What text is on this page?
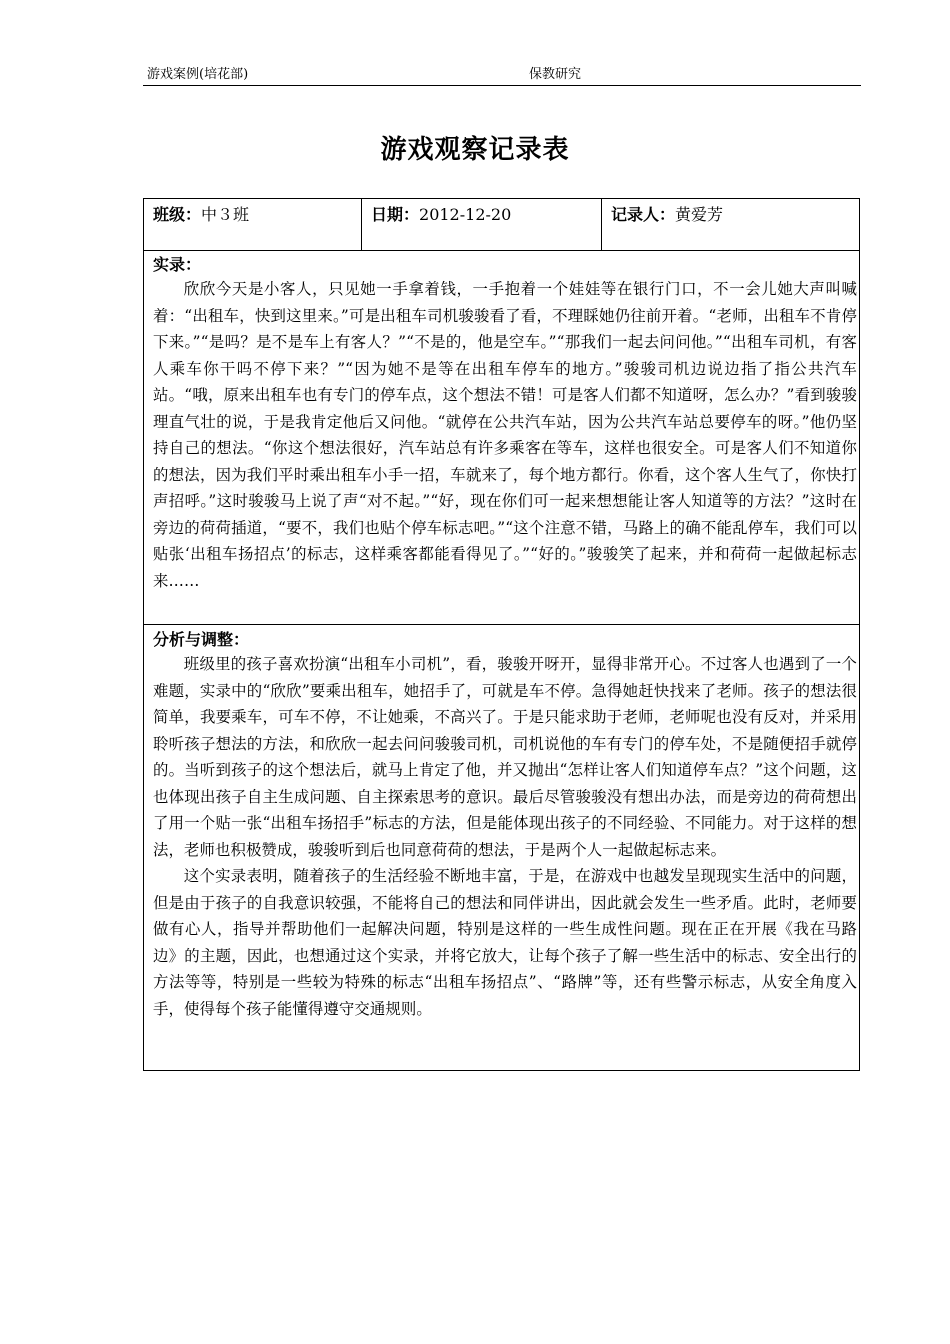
游戏案例(培花部)	保教研究
游戏观察记录表
班级：中３班	日期：2012-12-20	记录人：黄爱芳

实录：

欣欣今天是小客人，只见她一手拿着钱，一手抱着一个娃娃等在银行门口，不一会儿她大声叫喊着：“出租车，快到这里来。”可是出租车司机骏骏看了看，不理睬她仍往前开着。“老师，出租车不肯停下来。”“是吗？是不是车上有客人？”“不是的，他是空车。”“那我们一起去问问他。”“出租车司机，有客人乘车你干吗不停下来？”“因为她不是等在出租车停车的地方。”骏骏司机边说边指了指公共汽车站。“哦，原来出租车也有专门的停车点，这个想法不错！可是客人们都不知道呀，怎么办？”看到骏骏理直气壮的说，于是我肯定他后又问他。“就停在公共汽车站，因为公共汽车站总要停车的呀。”他仍坚持自己的想法。“你这个想法很好，汽车站总有许多乘客在等车，这样也很安全。可是客人们不知道你的想法，因为我们平时乘出租车小手一招，车就来了，每个地方都行。你看，这个客人生气了，你快打声招呼。”这时骏骏马上说了声“对不起。”“好，现在你们可一起来想想能让客人知道等的方法？”这时在旁边的荷荷插道，“要不，我们也贴个停车标志吧。”“这个注意不错，马路上的确不能乱停车，我们可以贴张‘出租车扬招点’的标志，这样乘客都能看得见了。”“好的。”骏骏笑了起来，并和荷荷一起做起标志来……

分析与调整：

班级里的孩子喜欢扮演“出租车小司机”，看，骏骏开呀开，显得非常开心。不过客人也遇到了一个难题，实录中的“欣欣”要乘出租车，她招手了，可就是车不停。急得她赶快找来了老师。孩子的想法很简单，我要乘车，可车不停，不让她乘，不高兴了。于是只能求助于老师，老师呢也没有反对，并采用聆听孩子想法的方法，和欣欣一起去问问骏骏司机，司机说他的车有专门的停车处，不是随便招手就停的。当听到孩子的这个想法后，就马上肯定了他，并又抛出“怎样让客人们知道停车点？”这个问题，这也体现出孩子自主生成问题、自主探索思考的意识。最后尽管骏骏没有想出办法，而是旁边的荷荷想出了用一个贴一张“出租车扬招手”标志的方法，但是能体现出孩子的不同经验、不同能力。对于这样的想法，老师也积极赞成，骏骏听到后也同意荷荷的想法，于是两个人一起做起标志来。

这个实录表明，随着孩子的生活经验不断地丰富，于是，在游戏中也越发呈现现实生活中的问题，但是由于孩子的自我意识较强，不能将自己的想法和同伴讲出，因此就会发生一些矛盾。此时，老师要做有心人，指导并帮助他们一起解决问题，特别是这样的一些生成性问题。现在正在开展《我在马路边》的主题，因此，也想通过这个实录，并将它放大，让每个孩子了解一些生活中的标志、安全出行的方法等等，特别是一些较为特殊的标志“出租车扬招点”、“路牌”等，还有些警示标志，从安全角度入手，使得每个孩子能懂得遵守交通规则。
